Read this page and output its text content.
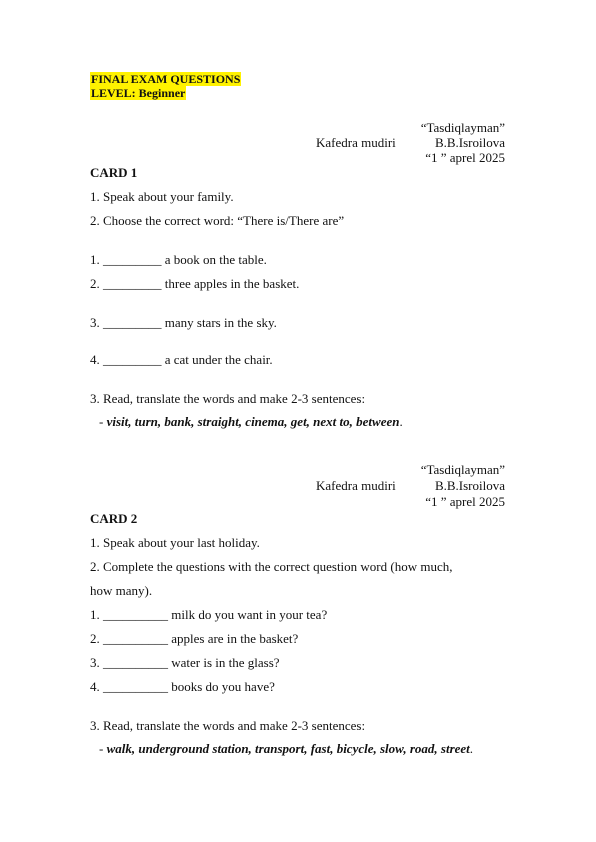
FINAL EXAM QUESTIONS
LEVEL: Beginner
“Tasdiqlayman”
Kafedra mudiri	B.B.Isroilova
“1 ” aprel 2025
CARD 1
1. Speak about your family.
2. Choose the correct word: “There is/There are”
1. _________ a book on the table.
2. _________ three apples in the basket.
3. _________ many stars in the sky.
4. _________ a cat under the chair.
3. Read, translate the words and make 2-3 sentences:
- visit, turn, bank, straight, cinema, get, next to, between.
“Tasdiqlayman”
Kafedra mudiri	B.B.Isroilova
“1 ” aprel 2025
CARD 2
1. Speak about your last holiday.
2. Complete the questions with the correct question word (how much,
how many).
1. __________ milk do you want in your tea?
2. __________ apples are in the basket?
3. __________ water is in the glass?
4. __________ books do you have?
3. Read, translate the words and make 2-3 sentences:
- walk, underground station, transport, fast, bicycle, slow, road, street.
